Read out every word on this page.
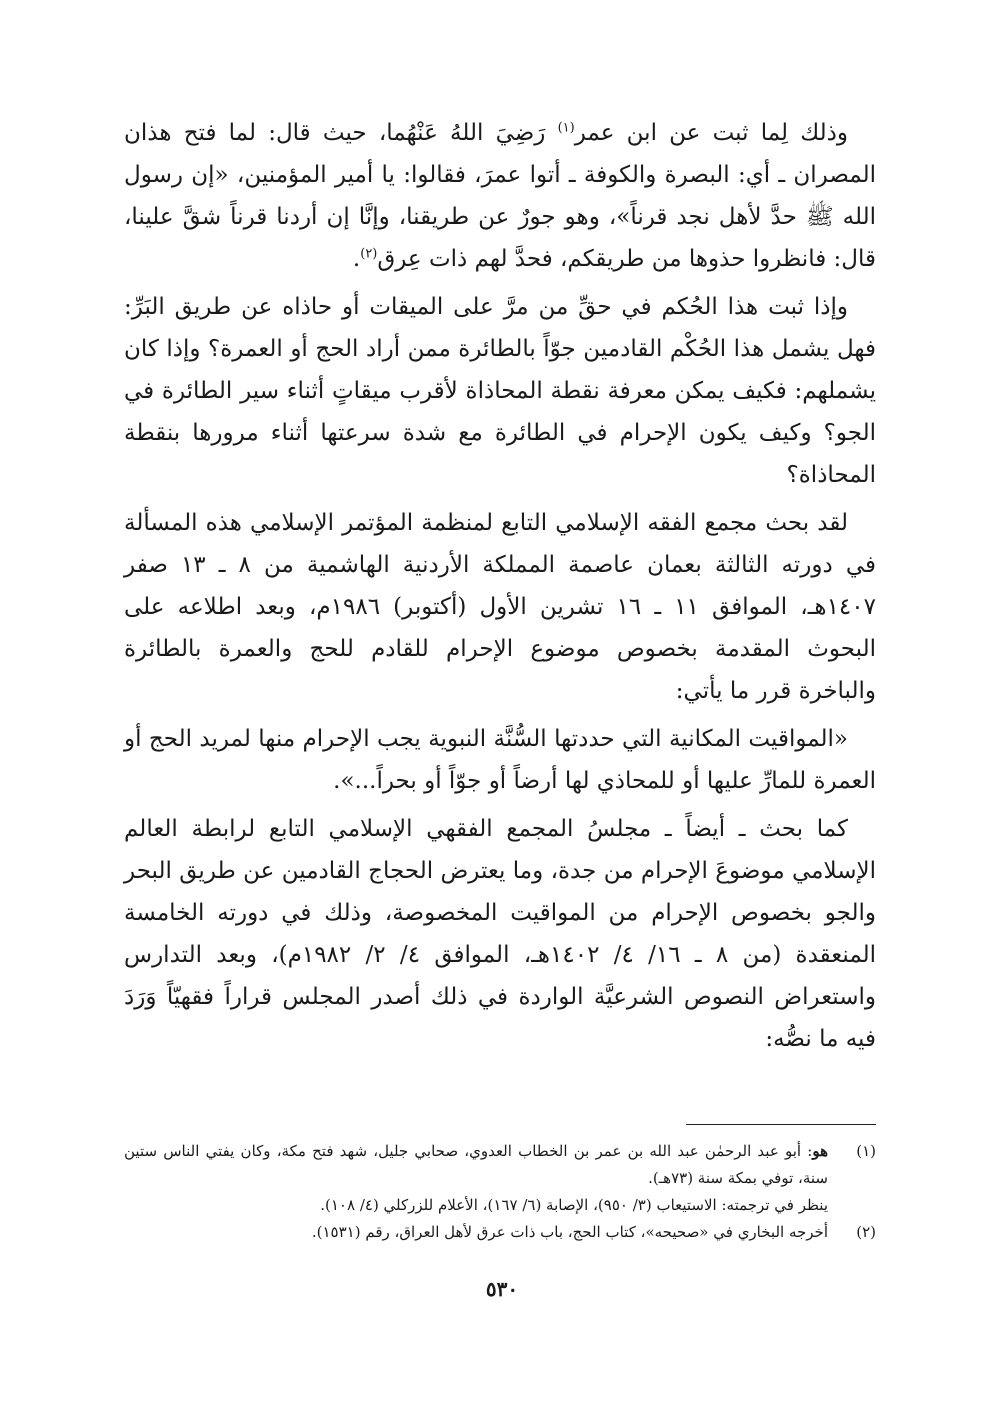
وذلك لِما ثبت عن ابن عمر$^{(١)}$ رَضِيَ اللهُ عَنْهُما، حيث قال: لما فتح هذان المصران ـ أي: البصرة والكوفة ـ أتوا عمرَ، فقالوا: يا أمير المؤمنين، «إن رسول الله ﷺ حدَّ لأهل نجد قرناً»، وهو جورٌ عن طريقنا، وإنَّا إن أردنا قرناً شقَّ علينا، قال: فانظروا حذوها من طريقكم، فحدَّ لهم ذات عِرق$^{(٢)}$.

وإذا ثبت هذا الحُكم في حقِّ من مرَّ على الميقات أو حاذاه عن طريق البَرِّ: فهل يشمل هذا الحُكْم القادمين جوّاً بالطائرة ممن أراد الحج أو العمرة؟ وإذا كان يشملهم: فكيف يمكن معرفة نقطة المحاذاة لأقرب ميقاتٍ أثناء سير الطائرة في الجو؟ وكيف يكون الإحرام في الطائرة مع شدة سرعتها أثناء مرورها بنقطة المحاذاة؟

لقد بحث مجمع الفقه الإسلامي التابع لمنظمة المؤتمر الإسلامي هذه المسألة في دورته الثالثة بعمان عاصمة المملكة الأردنية الهاشمية من ٨ ـ ١٣ صفر ١٤٠٧هـ، الموافق ١١ ـ ١٦ تشرين الأول (أكتوبر) ١٩٨٦م، وبعد اطلاعه على البحوث المقدمة بخصوص موضوع الإحرام للقادم للحج والعمرة بالطائرة والباخرة قرر ما يأتي:

«المواقيت المكانية التي حددتها السُّنَّة النبوية يجب الإحرام منها لمريد الحج أو العمرة للمارِّ عليها أو للمحاذي لها أرضاً أو جوّاً أو بحراً...».

كما بحث ـ أيضاً ـ مجلسُ المجمع الفقهي الإسلامي التابع لرابطة العالم الإسلامي موضوعَ الإحرام من جدة، وما يعترض الحجاج القادمين عن طريق البحر والجو بخصوص الإحرام من المواقيت المخصوصة، وذلك في دورته الخامسة المنعقدة (من ٨ ـ ١٦/ ٤/ ١٤٠٢هـ، الموافق ٤/ ٢/ ١٩٨٢م)، وبعد التدارس واستعراض النصوص الشرعيَّة الواردة في ذلك أصدر المجلس قراراً فقهيّاً وَرَدَ فيه ما نصُّه:

(١)
هو: أبو عبد الرحمٰن عبد الله بن عمر بن الخطاب العدوي، صحابي جليل، شهد فتح مكة، وكان يفتي الناس ستين سنة، توفي بمكة سنة (٧٣هـ).
ينظر في ترجمته: الاستيعاب (٣/ ٩٥٠)، الإصابة (٦/ ١٦٧)، الأعلام للزركلي (٤/ ١٠٨).
(٢)
أخرجه البخاري في «صحيحه»، كتاب الحج، باب ذات عرق لأهل العراق، رقم (١٥٣١).
٥٣٠
